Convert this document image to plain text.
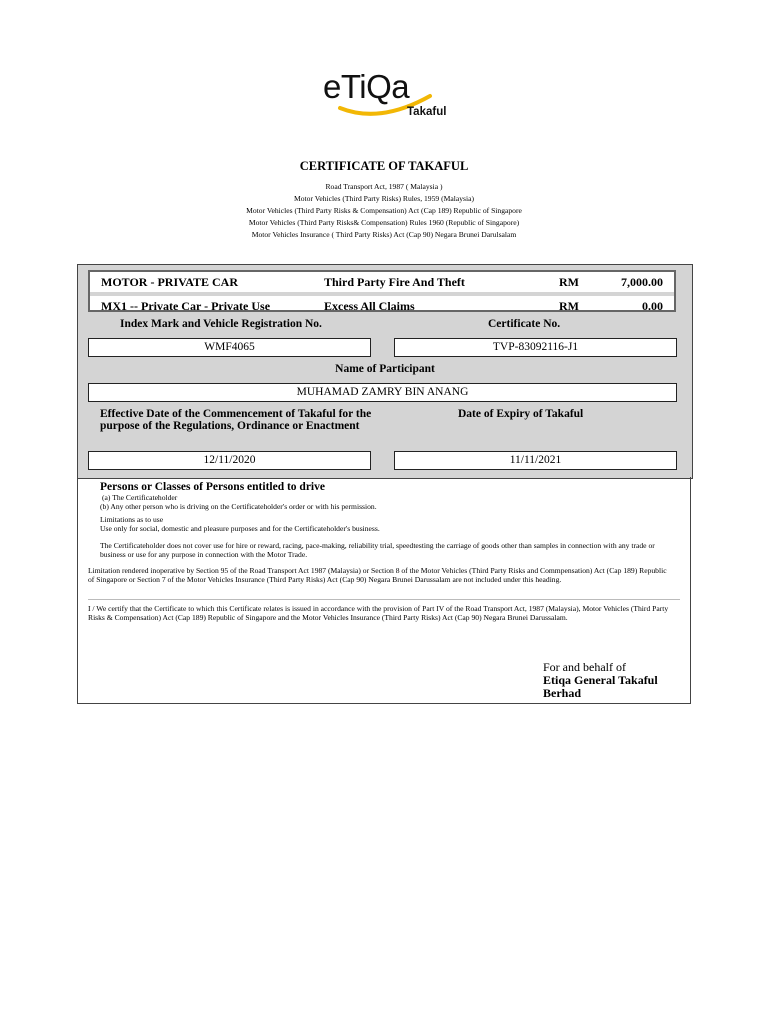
eTiQa
Takaful
CERTIFICATE OF TAKAFUL
Road Transport Act, 1987 ( Malaysia )
Motor Vehicles (Third Party Risks) Rules, 1959 (Malaysia)
Motor Vehicles (Third Party Risks & Compensation) Act (Cap 189) Republic of Singapore
Motor Vehicles (Third Party Risks& Compensation) Rules 1960 (Republic of Singapore)
Motor Vehicles Insurance ( Third Party Risks) Act (Cap 90) Negara Brunei Darulsalam
MOTOR - PRIVATE CAR	Third Party Fire And Theft	RM	7,000.00
MX1 -- Private Car - Private Use	Excess All Claims	RM	0.00
Index Mark and Vehicle Registration No.	Certificate No.
WMF4065	TVP-83092116-J1
Name of Participant
MUHAMAD ZAMRY BIN ANANG
Effective Date of the Commencement of Takaful for the purpose of the Regulations, Ordinance or Enactment
Date of Expiry of Takaful
12/11/2020	11/11/2021
Persons or Classes of Persons entitled to drive
(a) The Certificateholder
(b) Any other person who is driving on the Certificateholder's order or with his permission.
Limitations as to use
Use only for social, domestic and pleasure purposes and for the Certificateholder's business.
The Certificateholder does not cover use for hire or reward, racing, pace-making, reliability trial, speedtesting the carriage of goods other than samples in connection with any trade or business or use for any purpose in connection with the Motor Trade.
Limitation rendered inoperative by Section 95 of the Road Transport Act 1987 (Malaysia) or Section 8 of the Motor Vehicles (Third Party Risks and Commpensation) Act (Cap 189) Republic of Singapore or Section 7 of the Motor Vehicles Insurance (Third Party Risks) Act (Cap 90) Negara Brunei Darussalam are not included under this heading.
I / We certify that the Certificate to which this Certificate relates is issued in accordance with the provision of Part IV of the Road Transport Act, 1987 (Malaysia), Motor Vehicles (Third Party Risks & Compensation) Act (Cap 189) Republic of Singapore and the Motor Vehicles Insurance (Third Party Risks) Act (Cap 90) Negara Brunei Darussalam.
For and behalf of
Etiqa General Takaful
Berhad
